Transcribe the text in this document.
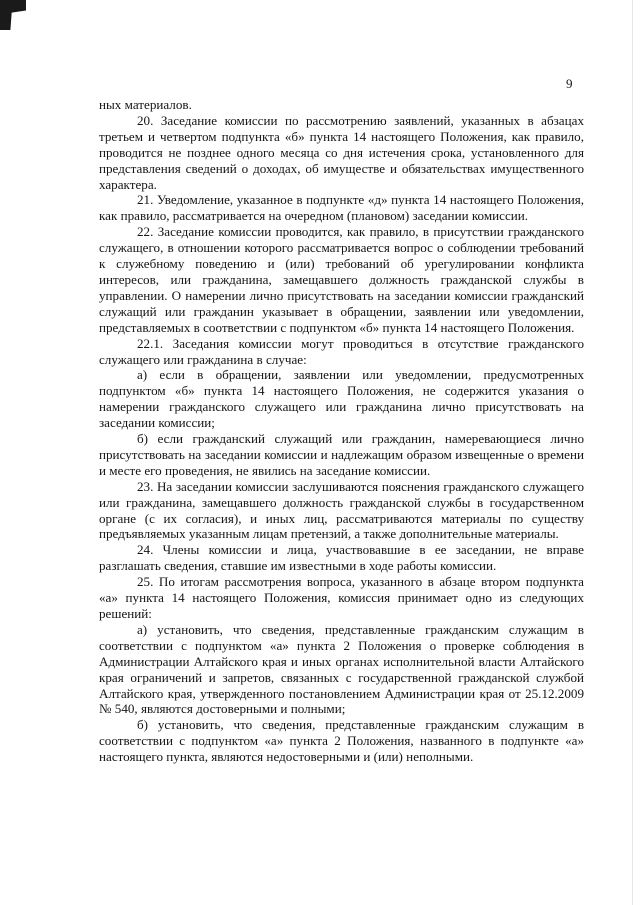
9

ных материалов.

20. Заседание комиссии по рассмотрению заявлений, указанных в абзацах третьем и четвертом подпункта «б» пункта 14 настоящего Положения, как правило, проводится не позднее одного месяца со дня истечения срока, установленного для представления сведений о доходах, об имуществе и обязательствах имущественного характера.

21. Уведомление, указанное в подпункте «д» пункта 14 настоящего Положения, как правило, рассматривается на очередном (плановом) заседании комиссии.

22. Заседание комиссии проводится, как правило, в присутствии гражданского служащего, в отношении которого рассматривается вопрос о соблюдении требований к служебному поведению и (или) требований об урегулировании конфликта интересов, или гражданина, замещавшего должность гражданской службы в управлении. О намерении лично присутствовать на заседании комиссии гражданский служащий или гражданин указывает в обращении, заявлении или уведомлении, представляемых в соответствии с подпунктом «б» пункта 14 настоящего Положения.

22.1. Заседания комиссии могут проводиться в отсутствие гражданского служащего или гражданина в случае:

а) если в обращении, заявлении или уведомлении, предусмотренных подпунктом «б» пункта 14 настоящего Положения, не содержится указания о намерении гражданского служащего или гражданина лично присутствовать на заседании комиссии;

б) если гражданский служащий или гражданин, намеревающиеся лично присутствовать на заседании комиссии и надлежащим образом извещенные о времени и месте его проведения, не явились на заседание комиссии.

23. На заседании комиссии заслушиваются пояснения гражданского служащего или гражданина, замещавшего должность гражданской службы в государственном органе (с их согласия), и иных лиц, рассматриваются материалы по существу предъявляемых указанным лицам претензий, а также дополнительные материалы.

24. Члены комиссии и лица, участвовавшие в ее заседании, не вправе разглашать сведения, ставшие им известными в ходе работы комиссии.

25. По итогам рассмотрения вопроса, указанного в абзаце втором подпункта «а» пункта 14 настоящего Положения, комиссия принимает одно из следующих решений:

а) установить, что сведения, представленные гражданским служащим в соответствии с подпунктом «а» пункта 2 Положения о проверке соблюдения в Администрации Алтайского края и иных органах исполнительной власти Алтайского края ограничений и запретов, связанных с государственной гражданской службой Алтайского края, утвержденного постановлением Администрации края от 25.12.2009 № 540, являются достоверными и полными;

б) установить, что сведения, представленные гражданским служащим в соответствии с подпунктом «а» пункта 2 Положения, названного в подпункте «а» настоящего пункта, являются недостоверными и (или) неполными.
